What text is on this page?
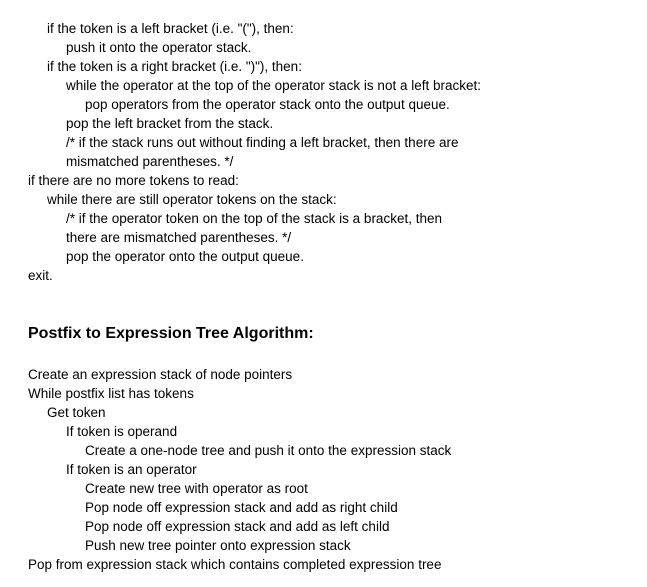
if the token is a left bracket (i.e. "("), then:
push it onto the operator stack.
if the token is a right bracket (i.e. ")"), then:
while the operator at the top of the operator stack is not a left bracket:
pop operators from the operator stack onto the output queue.
pop the left bracket from the stack.
/* if the stack runs out without finding a left bracket, then there are
mismatched parentheses. */
if there are no more tokens to read:
while there are still operator tokens on the stack:
/* if the operator token on the top of the stack is a bracket, then
there are mismatched parentheses. */
pop the operator onto the output queue.
exit.
Postfix to Expression Tree Algorithm:
Create an expression stack of node pointers
While postfix list has tokens
Get token
If token is operand
Create a one-node tree and push it onto the expression stack
If token is an operator
Create new tree with operator as root
Pop node off expression stack and add as right child
Pop node off expression stack and add as left child
Push new tree pointer onto expression stack
Pop from expression stack which contains completed expression tree
